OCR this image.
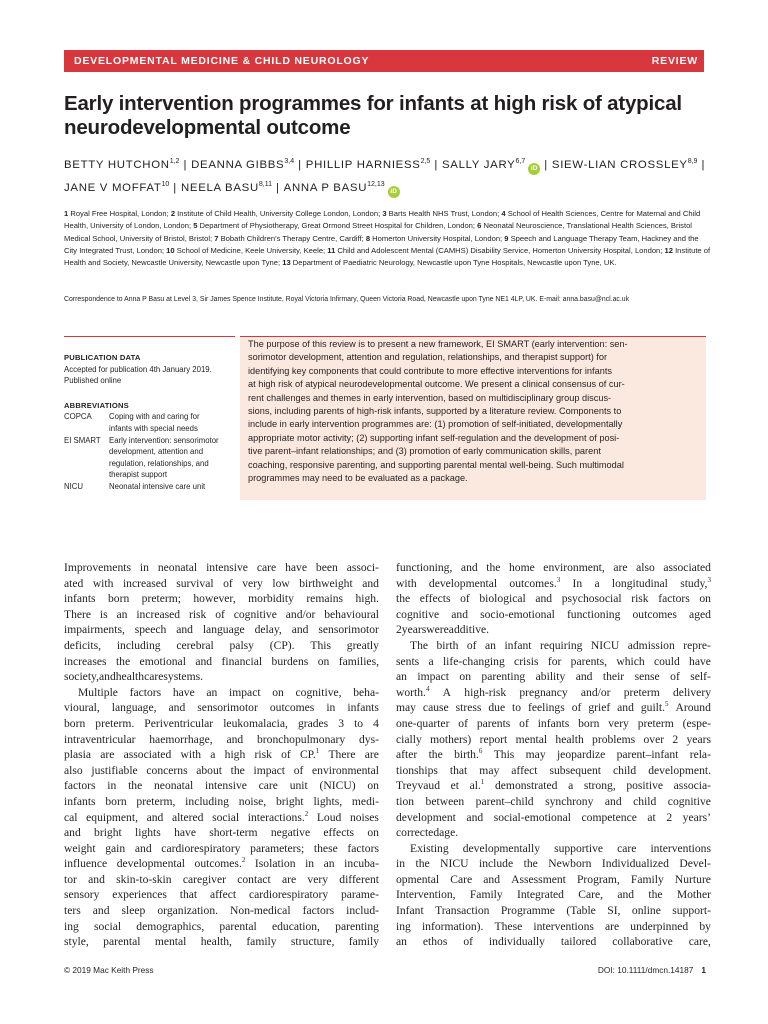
DEVELOPMENTAL MEDICINE & CHILD NEUROLOGY	REVIEW
Early intervention programmes for infants at high risk of atypical
neurodevelopmental outcome
BETTY HUTCHON$^{1,2}$ | DEANNA GIBBS$^{3,4}$ | PHILLIP HARNIESS$^{2,5}$ | SALLY JARY$^{6,7}$iD | SIEW-LIAN CROSSLEY$^{8,9}$ |
JANE V MOFFAT$^{10}$ | NEELA BASU$^{8,11}$ | ANNA P BASU$^{12,13}$iD
1 Royal Free Hospital, London; 2 Institute of Child Health, University College London, London; 3 Barts Health NHS Trust, London; 4 School of Health Sciences, Centre for Maternal and Child Health, University of London, London; 5 Department of Physiotherapy, Great Ormond Street Hospital for Children, London; 6 Neonatal Neuroscience, Translational Health Sciences, Bristol Medical School, University of Bristol, Bristol; 7 Bobath Children’s Therapy Centre, Cardiff; 8 Homerton University Hospital, London; 9 Speech and Language Therapy Team, Hackney and the City Integrated Trust, London; 10 School of Medicine, Keele University, Keele; 11 Child and Adolescent Mental (CAMHS) Disability Service, Homerton University Hospital, London; 12 Institute of Health and Society, Newcastle University, Newcastle upon Tyne; 13 Department of Paediatric Neurology, Newcastle upon Tyne Hospitals, Newcastle upon Tyne, UK.
Correspondence to Anna P Basu at Level 3, Sir James Spence Institute, Royal Victoria Infirmary, Queen Victoria Road, Newcastle upon Tyne NE1 4LP, UK. E-mail: anna.basu@ncl.ac.uk
PUBLICATION DATA
Accepted for publication 4th January 2019.
Published online
ABBREVIATIONS
COPCA	Coping with and caring for
infants with special needs
EI SMART	Early intervention: sensorimotor
development, attention and
regulation, relationships, and
therapist support
NICU	Neonatal intensive care unit
The purpose of this review is to present a new framework, EI SMART (early intervention: sen-
sorimotor development, attention and regulation, relationships, and therapist support) for
identifying key components that could contribute to more effective interventions for infants
at high risk of atypical neurodevelopmental outcome. We present a clinical consensus of cur-
rent challenges and themes in early intervention, based on multidisciplinary group discus-
sions, including parents of high-risk infants, supported by a literature review. Components to
include in early intervention programmes are: (1) promotion of self-initiated, developmentally
appropriate motor activity; (2) supporting infant self-regulation and the development of posi-
tive parent–infant relationships; and (3) promotion of early communication skills, parent
coaching, responsive parenting, and supporting parental mental well-being. Such multimodal
programmes may need to be evaluated as a package.
Improvements in neonatal intensive care have been associ-
ated with increased survival of very low birthweight and
infants born preterm; however, morbidity remains high.
There is an increased risk of cognitive and/or behavioural
impairments, speech and language delay, and sensorimotor
deficits, including cerebral palsy (CP). This greatly
increases the emotional and financial burdens on families,
society, and health care systems.
Multiple factors have an impact on cognitive, beha-
vioural, language, and sensorimotor outcomes in infants
born preterm. Periventricular leukomalacia, grades 3 to 4
intraventricular haemorrhage, and bronchopulmonary dys-
plasia are associated with a high risk of CP.$^1$ There are
also justifiable concerns about the impact of environmental
factors in the neonatal intensive care unit (NICU) on
infants born preterm, including noise, bright lights, medi-
cal equipment, and altered social interactions.$^2$ Loud noises
and bright lights have short-term negative effects on
weight gain and cardiorespiratory parameters; these factors
influence developmental outcomes.$^2$ Isolation in an incuba-
tor and skin-to-skin caregiver contact are very different
sensory experiences that affect cardiorespiratory parame-
ters and sleep organization. Non-medical factors includ-
ing social demographics, parental education, parenting
style, parental mental health, family structure, family
functioning, and the home environment, are also associated
with developmental outcomes.$^3$ In a longitudinal study,$^3$
the effects of biological and psychosocial risk factors on
cognitive and socio-emotional functioning outcomes aged
2 years were additive.
The birth of an infant requiring NICU admission repre-
sents a life-changing crisis for parents, which could have
an impact on parenting ability and their sense of self-
worth.$^4$ A high-risk pregnancy and/or preterm delivery
may cause stress due to feelings of grief and guilt.$^5$ Around
one-quarter of parents of infants born very preterm (espe-
cially mothers) report mental health problems over 2 years
after the birth.$^6$ This may jeopardize parent–infant rela-
tionships that may affect subsequent child development.
Treyvaud et al.$^1$ demonstrated a strong, positive associa-
tion between parent–child synchrony and child cognitive
development and social-emotional competence at 2 years’
corrected age.
Existing developmentally supportive care interventions
in the NICU include the Newborn Individualized Devel-
opmental Care and Assessment Program, Family Nurture
Intervention, Family Integrated Care, and the Mother
Infant Transaction Programme (Table SI, online support-
ing information). These interventions are underpinned by
an ethos of individually tailored collaborative care,
© 2019 Mac Keith Press	DOI: 10.1111/dmcn.14187 1
